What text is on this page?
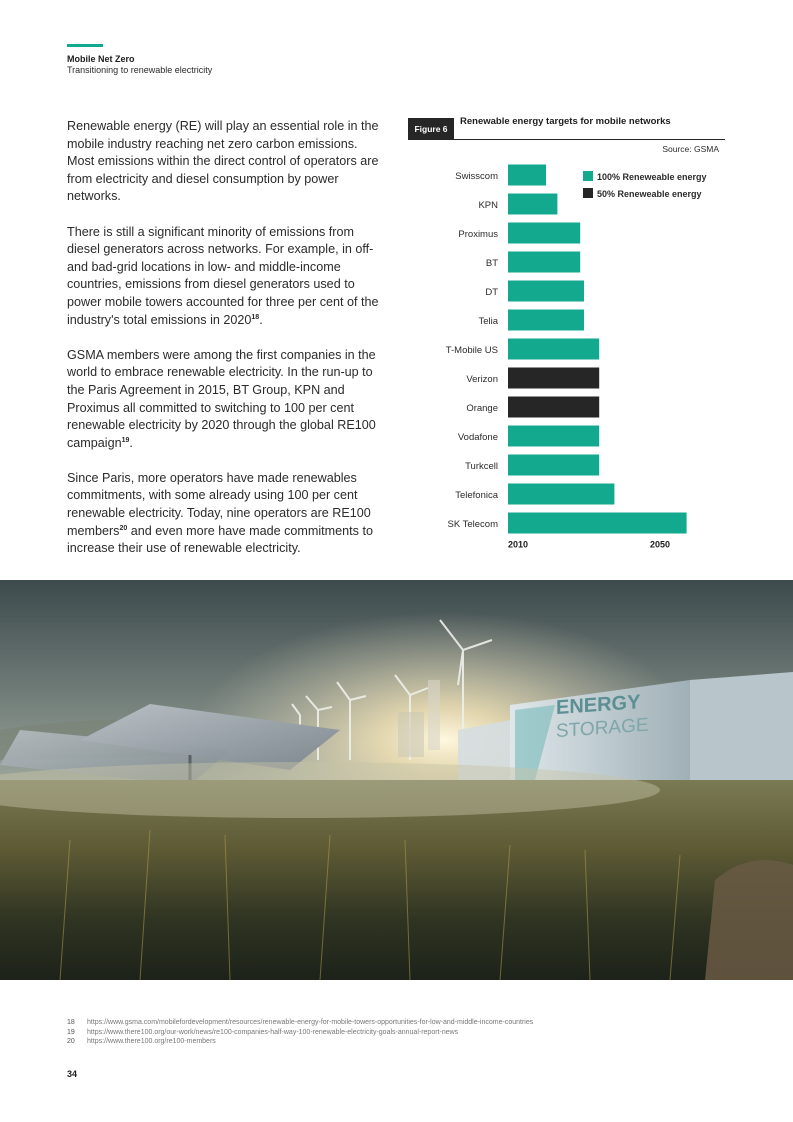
Mobile Net Zero
Transitioning to renewable electricity

Renewable energy (RE) will play an essential role in the mobile industry reaching net zero carbon emissions. Most emissions within the direct control of operators are from electricity and diesel consumption by power networks.

There is still a significant minority of emissions from diesel generators across networks. For example, in off- and bad-grid locations in low- and middle-income countries, emissions from diesel generators used to power mobile towers accounted for three per cent of the industry's total emissions in 2020$^{18}$.

GSMA members were among the first companies in the world to embrace renewable electricity. In the run-up to the Paris Agreement in 2015, BT Group, KPN and Proximus all committed to switching to 100 per cent renewable electricity by 2020 through the global RE100 campaign$^{19}$.

Since Paris, more operators have made renewables commitments, with some already using 100 per cent renewable electricity. Today, nine operators are RE100 members$^{20}$ and even more have made commitments to increase their use of renewable electricity.

Figure 6
Renewable energy targets for mobile networks
Source: GSMA
Swisscom
KPN
Proximus
BT
DT
Telia
T-Mobile US
Verizon
Orange
Vodafone
Turkcell
Telefonica
SK Telecom
2010	2050
100% Reneweable energy
50% Reneweable energy
ENERGY
STORAGE
18 https://www.gsma.com/mobilefordevelopment/resources/renewable-energy-for-mobile-towers-opportunities-for-low-and-middle-income-countries
19 https://www.there100.org/our-work/news/re100-companies-half-way-100-renewable-electricity-goals-annual-report-news
20 https://www.there100.org/re100-members
34
